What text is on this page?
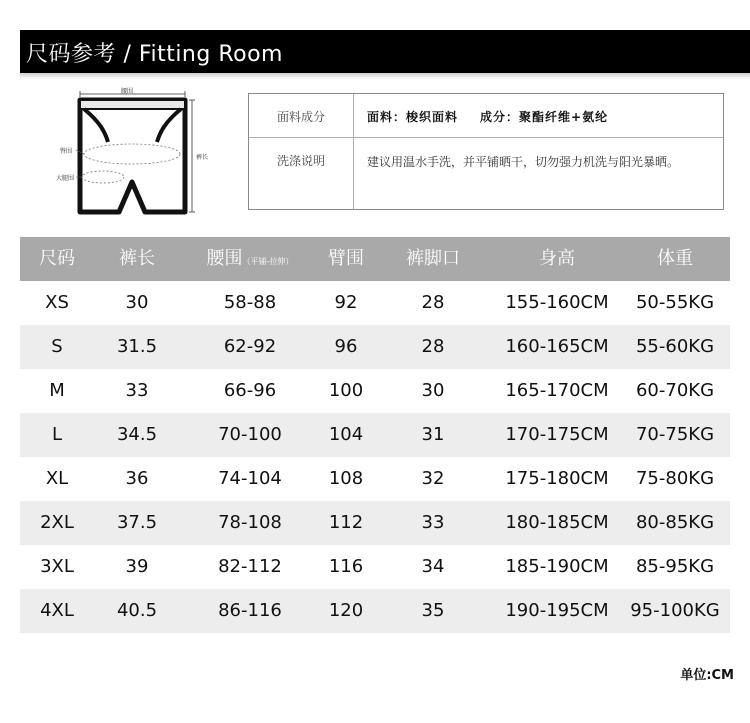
尺码参考 / Fitting Room
腰围
臀围
大腿围
裤长
面料成分	面料：梭织面料 成分：聚酯纤维+氨纶
洗涤说明	建议用温水手洗，并平铺晒干，切勿强力机洗与阳光暴晒。
尺码	裤长	腰围（平铺-拉伸）	臂围	裤脚口	身高	体重
XS	30	58-88	92	28	155-160CM	50-55KG
S	31.5	62-92	96	28	160-165CM	55-60KG
M	33	66-96	100	30	165-170CM	60-70KG
L	34.5	70-100	104	31	170-175CM	70-75KG
XL	36	74-104	108	32	175-180CM	75-80KG
2XL	37.5	78-108	112	33	180-185CM	80-85KG
3XL	39	82-112	116	34	185-190CM	85-95KG
4XL	40.5	86-116	120	35	190-195CM	95-100KG
单位:CM
